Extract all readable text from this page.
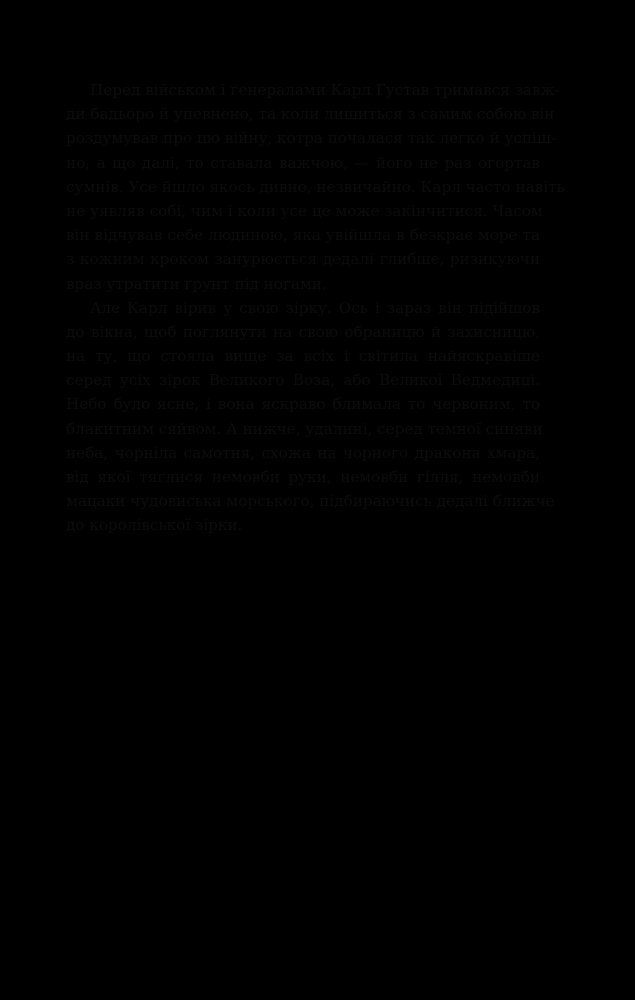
Перед військом і генералами Карл Густав тримався завж-
ди бадьоро й упевнено, та коли лишиться з самим собою він
роздумував про цю війну, котра почалася так легко й успіш-
но, а що далі, то ставала важчою, — його не раз огортав
сумнів. Усе йшло якось дивно, незвичайно. Карл часто навіть
не уявляв собі, чим і коли усе це може закінчитися. Часом
він відчував себе людиною, яка увійшла в безкрає море та
з кожним кроком занурюється дедалі глибше, ризикуючи
враз утратити ґрунт під ногами.
Але Карл вірив у свою зірку. Ось і зараз він підійшов
до вікна, щоб поглянути на свою обраницю й захисницю,
на ту, що стояла вище за всіх і світила найяскравіше
серед усіх зірок Великого Воза, або Великої Ведмедиці.
Небо було ясне, і вона яскраво блимала то червоним, то
блакитним сяйвом. А нижче, удалині, серед темної синяви
неба, чорніла самотня, схожа на чорного дракона хмара,
від якої тяглися немовби руки, немовби гілля, немовби
мацаки чудовиська морського, підбираючись дедалі ближче
до королівської зірки.
